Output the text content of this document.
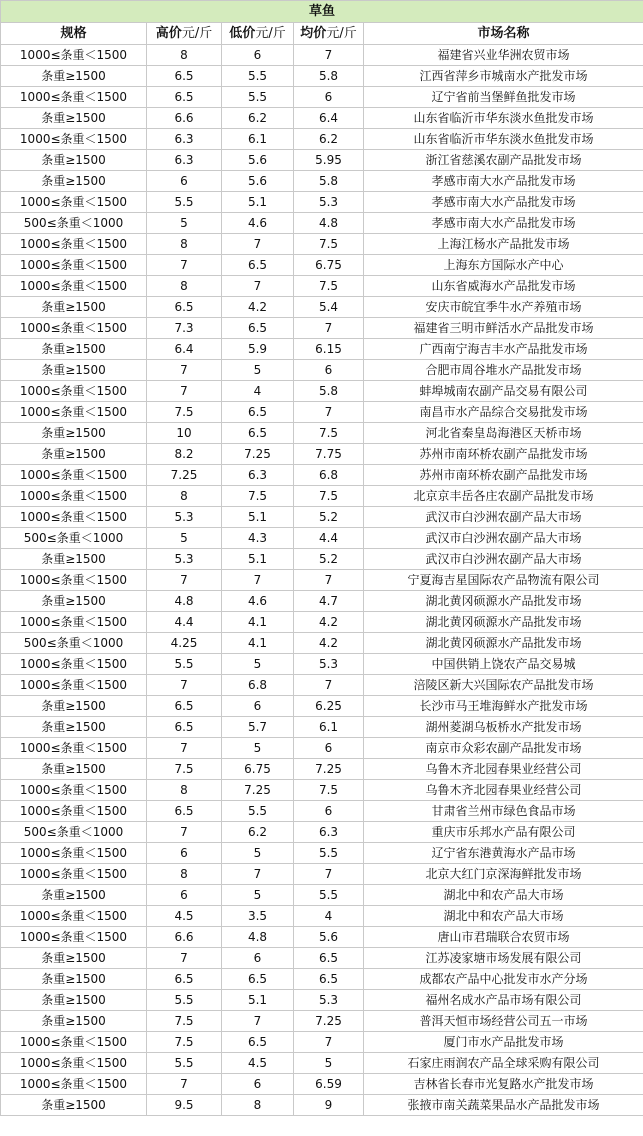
草鱼				
规格	高价元/斤	低价元/斤	均价元/斤	市场名称
1000≤条重＜1500	8	6	7	福建省兴业华洲农贸市场
条重≥1500	6.5	5.5	5.8	江西省萍乡市城南水产批发市场
1000≤条重＜1500	6.5	5.5	6	辽宁省前当堡鲜鱼批发市场
条重≥1500	6.6	6.2	6.4	山东省临沂市华东淡水鱼批发市场
1000≤条重＜1500	6.3	6.1	6.2	山东省临沂市华东淡水鱼批发市场
条重≥1500	6.3	5.6	5.95	浙江省慈溪农副产品批发市场
条重≥1500	6	5.6	5.8	孝感市南大水产品批发市场
1000≤条重＜1500	5.5	5.1	5.3	孝感市南大水产品批发市场
500≤条重＜1000	5	4.6	4.8	孝感市南大水产品批发市场
1000≤条重＜1500	8	7	7.5	上海江杨水产品批发市场
1000≤条重＜1500	7	6.5	6.75	上海东方国际水产中心
1000≤条重＜1500	8	7	7.5	山东省威海水产品批发市场
条重≥1500	6.5	4.2	5.4	安庆市皖宜季牛水产养殖市场
1000≤条重＜1500	7.3	6.5	7	福建省三明市鲜活水产品批发市场
条重≥1500	6.4	5.9	6.15	广西南宁海吉丰水产品批发市场
条重≥1500	7	5	6	合肥市周谷堆水产品批发市场
1000≤条重＜1500	7	4	5.8	蚌埠城南农副产品交易有限公司
1000≤条重＜1500	7.5	6.5	7	南昌市水产品综合交易批发市场
条重≥1500	10	6.5	7.5	河北省秦皇岛海港区天桥市场
条重≥1500	8.2	7.25	7.75	苏州市南环桥农副产品批发市场
1000≤条重＜1500	7.25	6.3	6.8	苏州市南环桥农副产品批发市场
1000≤条重＜1500	8	7.5	7.5	北京京丰岳各庄农副产品批发市场
1000≤条重＜1500	5.3	5.1	5.2	武汉市白沙洲农副产品大市场
500≤条重＜1000	5	4.3	4.4	武汉市白沙洲农副产品大市场
条重≥1500	5.3	5.1	5.2	武汉市白沙洲农副产品大市场
1000≤条重＜1500	7	7	7	宁夏海吉星国际农产品物流有限公司
条重≥1500	4.8	4.6	4.7	湖北黄冈硕源水产品批发市场
1000≤条重＜1500	4.4	4.1	4.2	湖北黄冈硕源水产品批发市场
500≤条重＜1000	4.25	4.1	4.2	湖北黄冈硕源水产品批发市场
1000≤条重＜1500	5.5	5	5.3	中国供销上饶农产品交易城
1000≤条重＜1500	7	6.8	7	涪陵区新大兴国际农产品批发市场
条重≥1500	6.5	6	6.25	长沙市马王堆海鲜水产批发市场
条重≥1500	6.5	5.7	6.1	湖州菱湖乌板桥水产批发市场
1000≤条重＜1500	7	5	6	南京市众彩农副产品批发市场
条重≥1500	7.5	6.75	7.25	乌鲁木齐北园春果业经营公司
1000≤条重＜1500	8	7.25	7.5	乌鲁木齐北园春果业经营公司
1000≤条重＜1500	6.5	5.5	6	甘肃省兰州市绿色食品市场
500≤条重＜1000	7	6.2	6.3	重庆市乐邦水产品有限公司
1000≤条重＜1500	6	5	5.5	辽宁省东港黄海水产品市场
1000≤条重＜1500	8	7	7	北京大红门京深海鲜批发市场
条重≥1500	6	5	5.5	湖北中和农产品大市场
1000≤条重＜1500	4.5	3.5	4	湖北中和农产品大市场
1000≤条重＜1500	6.6	4.8	5.6	唐山市君瑞联合农贸市场
条重≥1500	7	6	6.5	江苏凌家塘市场发展有限公司
条重≥1500	6.5	6.5	6.5	成都农产品中心批发市水产分场
条重≥1500	5.5	5.1	5.3	福州名成水产品市场有限公司
条重≥1500	7.5	7	7.25	普洱天恒市场经营公司五一市场
1000≤条重＜1500	7.5	6.5	7	厦门市水产品批发市场
1000≤条重＜1500	5.5	4.5	5	石家庄雨润农产品全球采购有限公司
1000≤条重＜1500	7	6	6.59	吉林省长春市光复路水产批发市场
条重≥1500	9.5	8	9	张掖市南关蔬菜果品水产品批发市场
